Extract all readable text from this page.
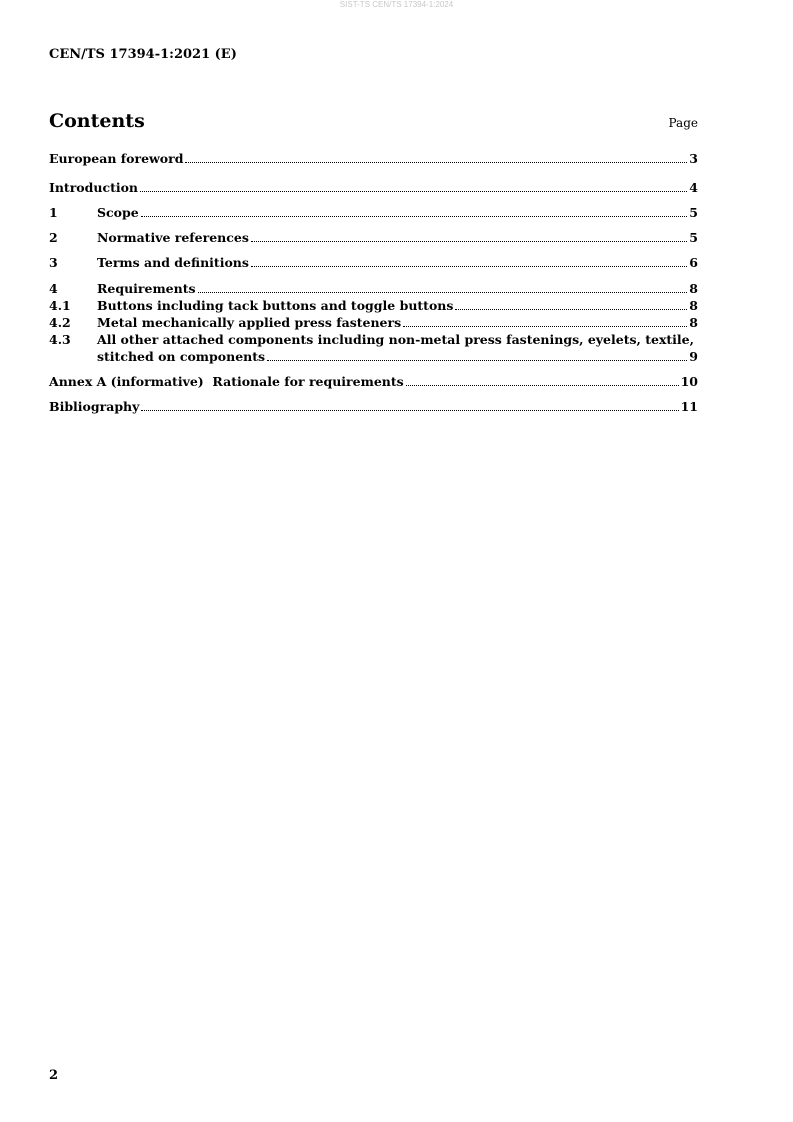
SIST-TS CEN/TS 17394-1:2024
CEN/TS 17394-1:2021 (E)
Contents	Page
European foreword	3
Introduction	4
1	Scope	5
2	Normative references	5
3	Terms and definitions	6
4	Requirements	8
4.1	Buttons including tack buttons and toggle buttons	8
4.2	Metal mechanically applied press fasteners	8
4.3	All other attached components including non-metal press fastenings, eyelets, textile,
stitched on components	9
Annex A (informative)  Rationale for requirements	10
Bibliography	11
2
